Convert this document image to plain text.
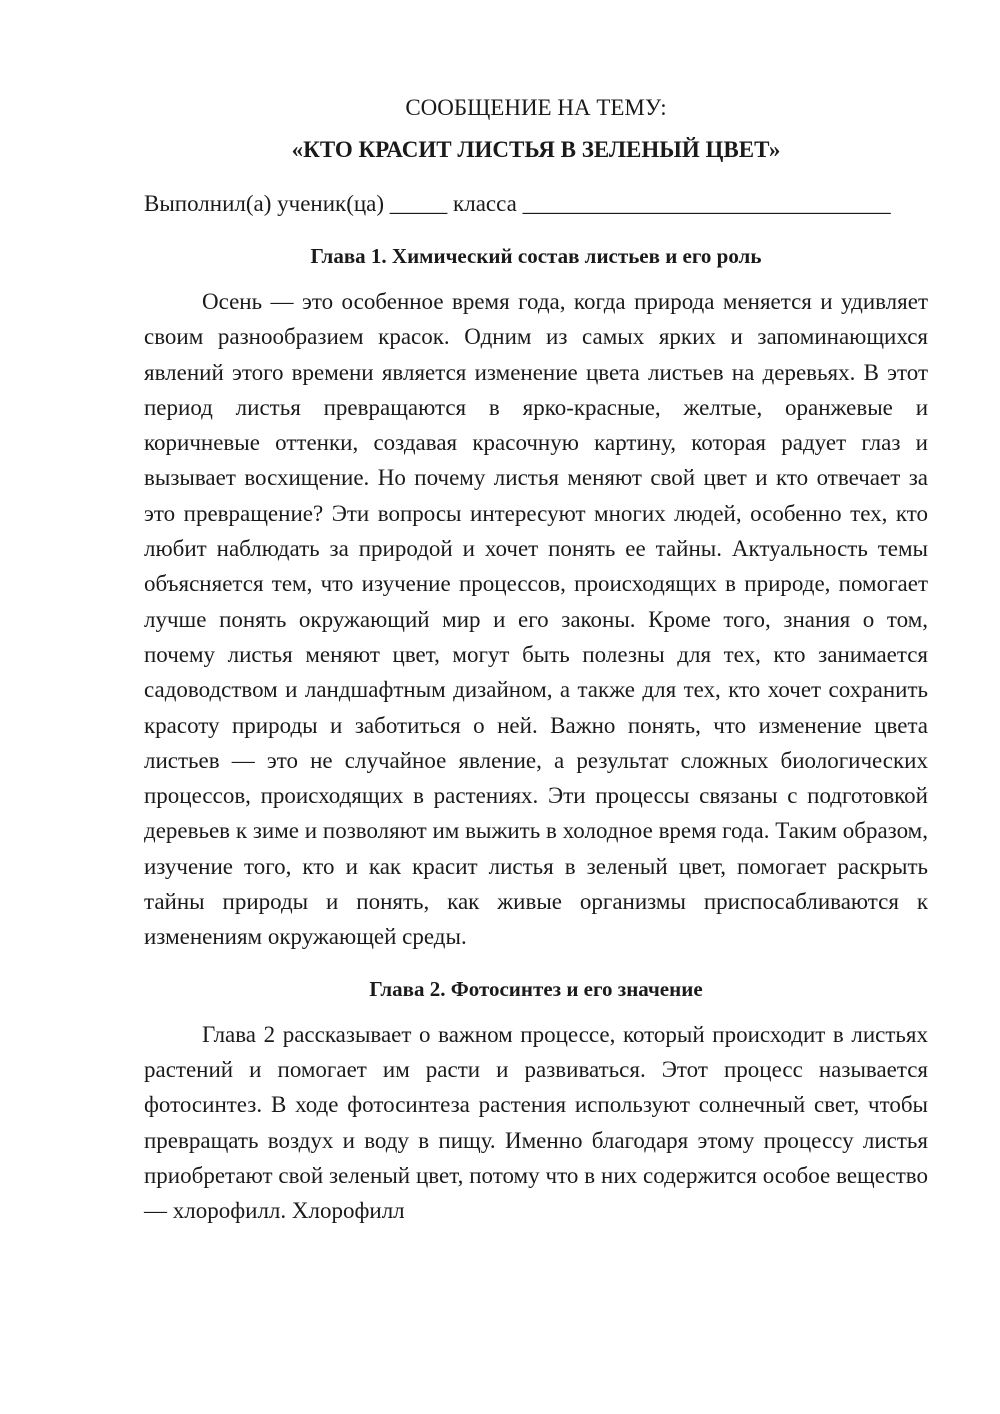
СООБЩЕНИЕ НА ТЕМУ:
«КТО КРАСИТ ЛИСТЬЯ В ЗЕЛЕНЫЙ ЦВЕТ»
Выполнил(а) ученик(ца) _____ класса ________________________________
Глава 1. Химический состав листьев и его роль

Осень — это особенное время года, когда природа меняется и удивляет своим разнообразием красок. Одним из самых ярких и запоминающихся явлений этого времени является изменение цвета листьев на деревьях. В этот период листья превращаются в ярко-красные, желтые, оранжевые и коричневые оттенки, создавая красочную картину, которая радует глаз и вызывает восхищение. Но почему листья меняют свой цвет и кто отвечает за это превращение? Эти вопросы интересуют многих людей, особенно тех, кто любит наблюдать за природой и хочет понять ее тайны. Актуальность темы объясняется тем, что изучение процессов, происходящих в природе, помогает лучше понять окружающий мир и его законы. Кроме того, знания о том, почему листья меняют цвет, могут быть полезны для тех, кто занимается садоводством и ландшафтным дизайном, а также для тех, кто хочет сохранить красоту природы и заботиться о ней. Важно понять, что изменение цвета листьев — это не случайное явление, а результат сложных биологических процессов, происходящих в растениях. Эти процессы связаны с подготовкой деревьев к зиме и позволяют им выжить в холодное время года. Таким образом, изучение того, кто и как красит листья в зеленый цвет, помогает раскрыть тайны природы и понять, как живые организмы приспосабливаются к изменениям окружающей среды.

Глава 2. Фотосинтез и его значение

Глава 2 рассказывает о важном процессе, который происходит в листьях растений и помогает им расти и развиваться. Этот процесс называется фотосинтез. В ходе фотосинтеза растения используют солнечный свет, чтобы превращать воздух и воду в пищу. Именно благодаря этому процессу листья приобретают свой зеленый цвет, потому что в них содержится особое вещество — хлорофилл. Хлорофилл
